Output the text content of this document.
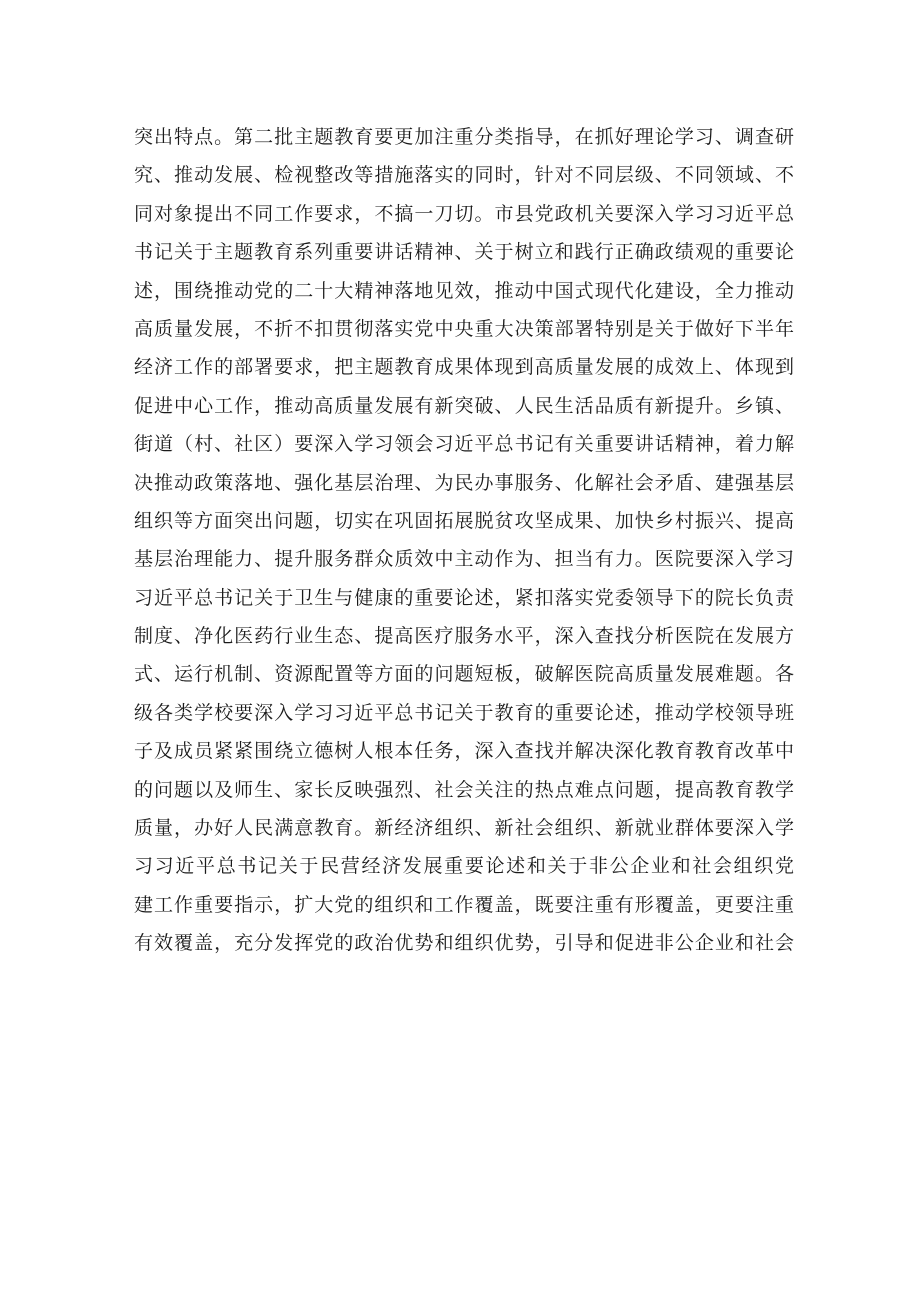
突出特点。第二批主题教育要更加注重分类指导，在抓好理论学习、调查研
究、推动发展、检视整改等措施落实的同时，针对不同层级、不同领域、不
同对象提出不同工作要求，不搞一刀切。市县党政机关要深入学习习近平总
书记关于主题教育系列重要讲话精神、关于树立和践行正确政绩观的重要论
述，围绕推动党的二十大精神落地见效，推动中国式现代化建设，全力推动
高质量发展，不折不扣贯彻落实党中央重大决策部署特别是关于做好下半年
经济工作的部署要求，把主题教育成果体现到高质量发展的成效上、体现到
促进中心工作，推动高质量发展有新突破、人民生活品质有新提升。乡镇、
街道（村、社区）要深入学习领会习近平总书记有关重要讲话精神，着力解
决推动政策落地、强化基层治理、为民办事服务、化解社会矛盾、建强基层
组织等方面突出问题，切实在巩固拓展脱贫攻坚成果、加快乡村振兴、提高
基层治理能力、提升服务群众质效中主动作为、担当有力。医院要深入学习
习近平总书记关于卫生与健康的重要论述，紧扣落实党委领导下的院长负责
制度、净化医药行业生态、提高医疗服务水平，深入查找分析医院在发展方
式、运行机制、资源配置等方面的问题短板，破解医院高质量发展难题。各
级各类学校要深入学习习近平总书记关于教育的重要论述，推动学校领导班
子及成员紧紧围绕立德树人根本任务，深入查找并解决深化教育教育改革中
的问题以及师生、家长反映强烈、社会关注的热点难点问题，提高教育教学
质量，办好人民满意教育。新经济组织、新社会组织、新就业群体要深入学
习习近平总书记关于民营经济发展重要论述和关于非公企业和社会组织党
建工作重要指示，扩大党的组织和工作覆盖，既要注重有形覆盖，更要注重
有效覆盖，充分发挥党的政治优势和组织优势，引导和促进非公企业和社会
